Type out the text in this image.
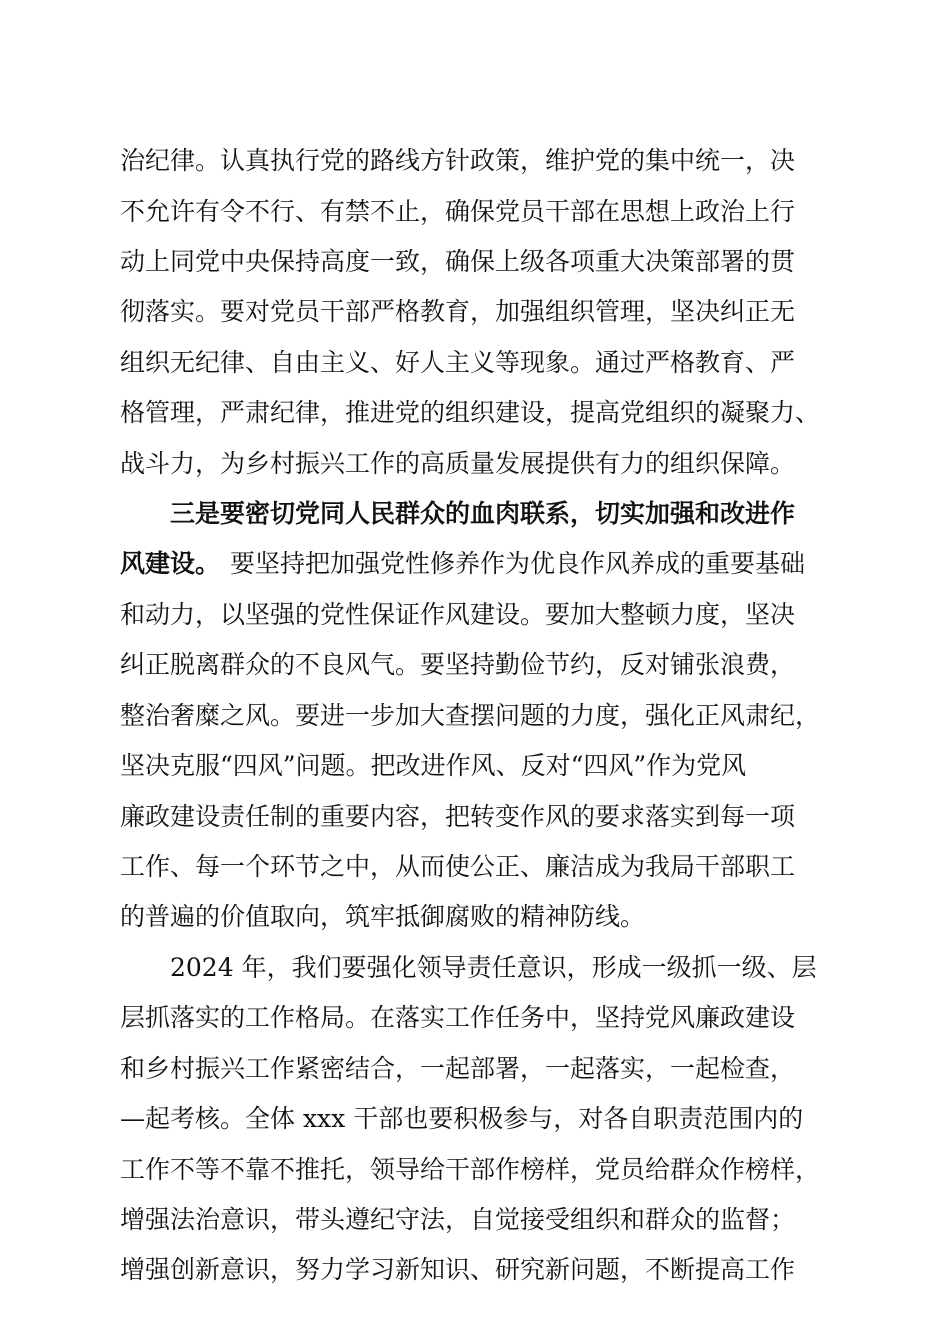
治纪律。认真执行党的路线方针政策，维护党的集中统一，决
不允许有令不行、有禁不止，确保党员干部在思想上政治上行
动上同党中央保持高度一致，确保上级各项重大决策部署的贯
彻落实。要对党员干部严格教育，加强组织管理，坚决纠正无
组织无纪律、自由主义、好人主义等现象。通过严格教育、严
格管理，严肃纪律，推进党的组织建设，提高党组织的凝聚力、
战斗力，为乡村振兴工作的高质量发展提供有力的组织保障。
三是要密切党同人民群众的血肉联系，切实加强和改进作
风建设。 要坚持把加强党性修养作为优良作风养成的重要基础
和动力，以坚强的党性保证作风建设。要加大整顿力度，坚决
纠正脱离群众的不良风气。要坚持勤俭节约，反对铺张浪费，
整治奢糜之风。要进一步加大查摆问题的力度，强化正风肃纪，
坚决克服“四风”问题。把改进作风、反对“四风”作为党风
廉政建设责任制的重要内容，把转变作风的要求落实到每一项
工作、每一个环节之中，从而使公正、廉洁成为我局干部职工
的普遍的价值取向，筑牢抵御腐败的精神防线。
2024 年，我们要强化领导责任意识，形成一级抓一级、层
层抓落实的工作格局。在落实工作任务中，坚持党风廉政建设
和乡村振兴工作紧密结合，一起部署，一起落实，一起检查，
—起考核。全体 xxx 干部也要积极参与，对各自职责范围内的
工作不等不靠不推托，领导给干部作榜样，党员给群众作榜样，
增强法治意识，带头遵纪守法，自觉接受组织和群众的监督；
增强创新意识，努力学习新知识、研究新问题，不断提高工作
